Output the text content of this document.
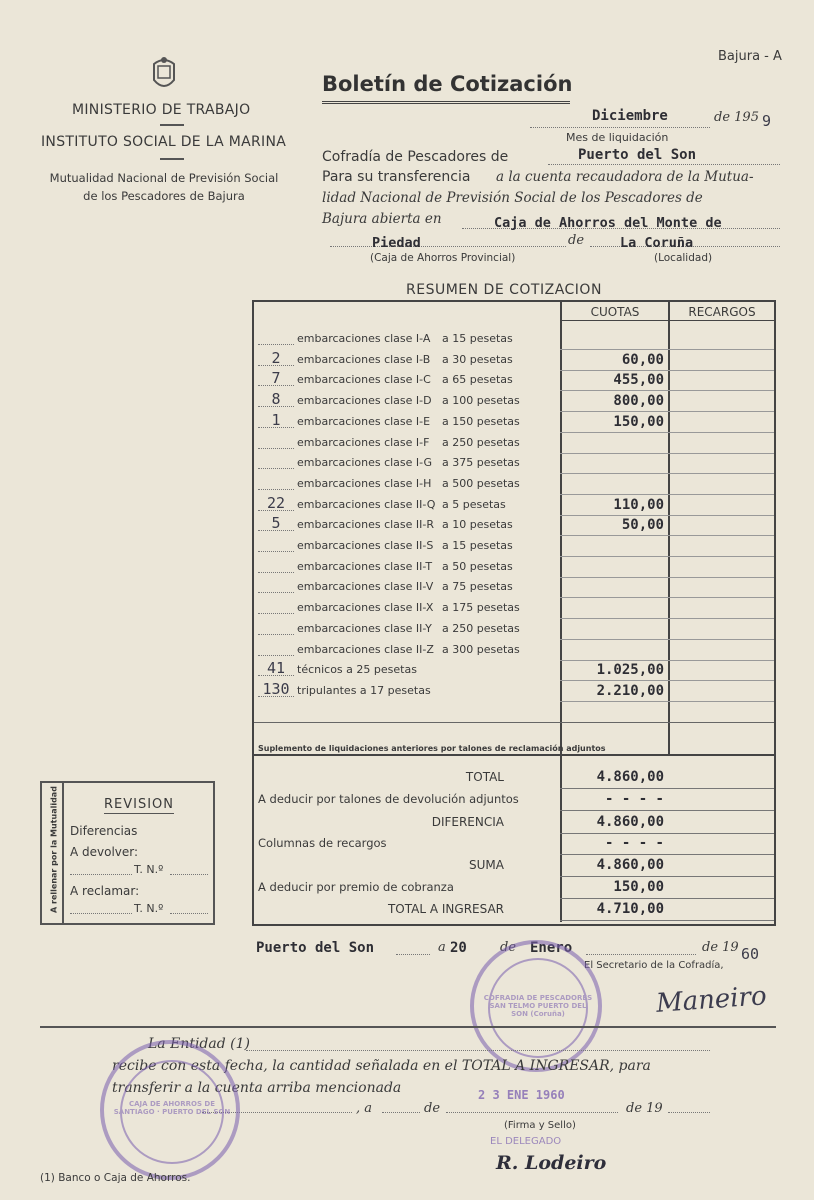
Bajura - A
MINISTERIO DE TRABAJO
INSTITUTO SOCIAL DE LA MARINA
Mutualidad Nacional de Previsión Social
de los Pescadores de Bajura
Boletín de Cotización
Diciembre	de 195 9
Mes de liquidación
Cofradía de Pescadores de	Puerto del Son
Para su transferencia a la cuenta recaudadora de la Mutua-
lidad Nacional de Previsión Social de los Pescadores de
Bajura abierta en	Caja de Ahorros del Monte de
Piedad	de	La Coruña
(Caja de Ahorros Provincial)	(Localidad)
RESUMEN DE COTIZACION
CUOTAS	RECARGOS
embarcaciones clase I-A a 15 pesetas
2	embarcaciones clase I-B a 30 pesetas	60,00
7	embarcaciones clase I-C a 65 pesetas	455,00
8	embarcaciones clase I-D a 100 pesetas	800,00
1	embarcaciones clase I-E a 150 pesetas	150,00
embarcaciones clase I-F a 250 pesetas
embarcaciones clase I-G a 375 pesetas
embarcaciones clase I-H a 500 pesetas
22	embarcaciones clase II-Q a 5 pesetas	110,00
5	embarcaciones clase II-R a 10 pesetas	50,00
embarcaciones clase II-S a 15 pesetas
embarcaciones clase II-T a 50 pesetas
embarcaciones clase II-V a 75 pesetas
embarcaciones clase II-X a 175 pesetas
embarcaciones clase II-Y a 250 pesetas
embarcaciones clase II-Z a 300 pesetas
41	técnicos a 25 pesetas	1.025,00
130 tripulantes a 17 pesetas	2.210,00
Suplemento de liquidaciones anteriores por talones de reclamación adjuntos
TOTAL	4.860,00
A deducir por talones de devolución adjuntos	- - - -
DIFERENCIA	4.860,00
Columnas de recargos	- - - -
SUMA	4.860,00
A deducir por premio de cobranza	150,00
TOTAL A INGRESAR	4.710,00
A rellenar por la Mutualidad	REVISION
Diferencias
A devolver:
T. N.º
A reclamar:
T. N.º
Puerto del Son	a 20	de Enero	de 19 60
El Secretario de la Cofradía,
Maneiro
COFRADIA DE PESCADORES SAN TELMO PUERTO DEL SON (Coruña)
La Entidad (1)
recibe con esta fecha, la cantidad señalada en el TOTAL A INGRESAR, para
transferir a la cuenta arriba mencionada
, a	de
2 3 ENE 1960
de 19
(Firma y Sello)
EL DELEGADO
R. Lodeiro
CAJA DE AHORROS DE SANTIAGO · PUERTO DEL SON
(1) Banco o Caja de Ahorros.
